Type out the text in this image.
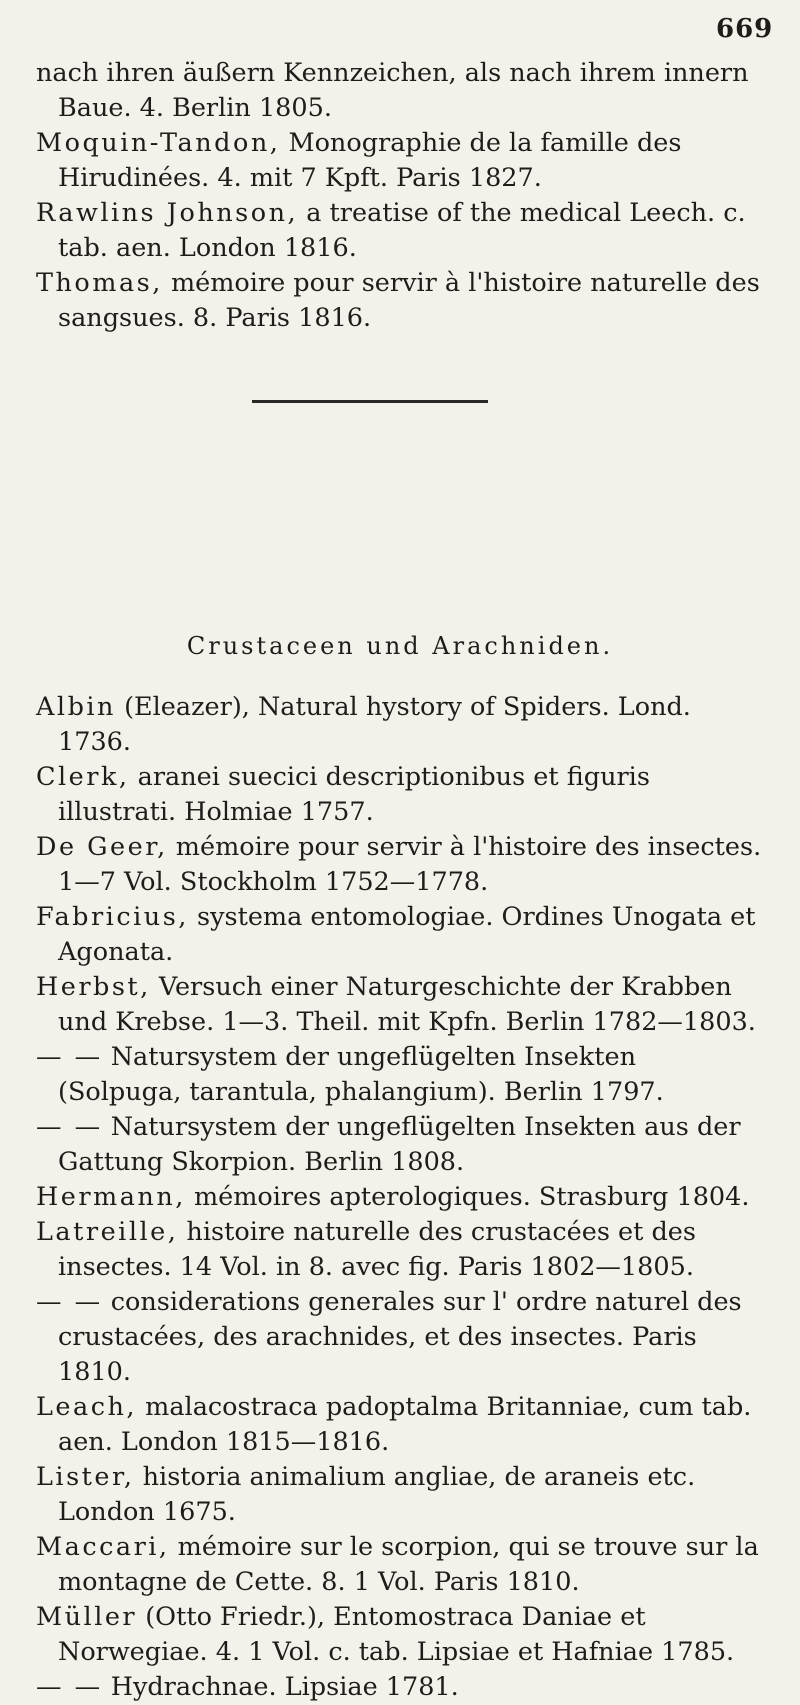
669

nach ihren äußern Kennzeichen, als nach ihrem innern Baue. 4. Berlin 1805.

Moquin-Tandon, Monographie de la famille des Hirudinées. 4. mit 7 Kpft. Paris 1827.

Rawlins Johnson, a treatise of the medical Leech. c. tab. aen. London 1816.

Thomas, mémoire pour servir à l'histoire naturelle des sangsues. 8. Paris 1816.

Crustaceen und Arachniden.

Albin (Eleazer), Natural hystory of Spiders. Lond. 1736.

Clerk, aranei suecici descriptionibus et figuris illustrati. Holmiae 1757.

De Geer, mémoire pour servir à l'histoire des insectes. 1—7 Vol. Stockholm 1752—1778.

Fabricius, systema entomologiae. Ordines Unogata et Agonata.

Herbst, Versuch einer Naturgeschichte der Krabben und Krebse. 1—3. Theil. mit Kpfn. Berlin 1782—1803.

— — Natursystem der ungeflügelten Insekten (Solpuga, tarantula, phalangium). Berlin 1797.

— — Natursystem der ungeflügelten Insekten aus der Gattung Skorpion. Berlin 1808.

Hermann, mémoires apterologiques. Strasburg 1804.

Latreille, histoire naturelle des crustacées et des insectes. 14 Vol. in 8. avec fig. Paris 1802—1805.

— — considerations generales sur l' ordre naturel des crustacées, des arachnides, et des insectes. Paris 1810.

Leach, malacostraca padoptalma Britanniae, cum tab. aen. London 1815—1816.

Lister, historia animalium angliae, de araneis etc. London 1675.

Maccari, mémoire sur le scorpion, qui se trouve sur la montagne de Cette. 8. 1 Vol. Paris 1810.

Müller (Otto Friedr.), Entomostraca Daniae et Norwegiae. 4. 1 Vol. c. tab. Lipsiae et Hafniae 1785.

— — Hydrachnae. Lipsiae 1781.
